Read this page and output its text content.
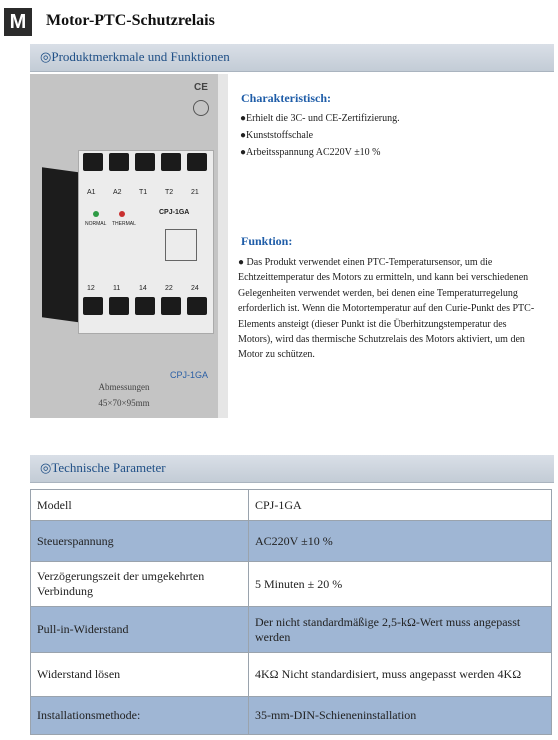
M	Motor-PTC-Schutzrelais
◎Produktmerkmale und Funktionen
CE
A1 A2 T1	T2	21
NORMAL THERMAL
CPJ-1GA
12	11	14	22	24
CPJ-1GA
Abmessungen
45×70×95mm
Charakteristisch:
●Erhielt die 3C- und CE-Zertifizierung.
●Kunststoffschale
●Arbeitsspannung AC220V ±10 %
Funktion:
● Das Produkt verwendet einen PTC-Temperatursensor, um die Echtzeittemperatur des Motors zu ermitteln, und kann bei verschiedenen Gelegenheiten verwendet werden, bei denen eine Temperaturregelung erforderlich ist. Wenn die Motortemperatur auf den Curie-Punkt des PTC-Elements ansteigt (dieser Punkt ist die Überhitzungstemperatur des Motors), wird das thermische Schutzrelais des Motors aktiviert, um den Motor zu schützen.
◎Technische Parameter
Modell	CPJ-1GA
Steuerspannung	AC220V ±10 %
Verzögerungszeit der umgekehrten Verbindung	5 Minuten ± 20 %
Pull-in-Widerstand	Der nicht standardmäßige 2,5-kΩ-Wert muss angepasst werden
Widerstand lösen	4KΩ Nicht standardisiert, muss angepasst werden 4KΩ
Installationsmethode:	35-mm-DIN-Schieneninstallation
